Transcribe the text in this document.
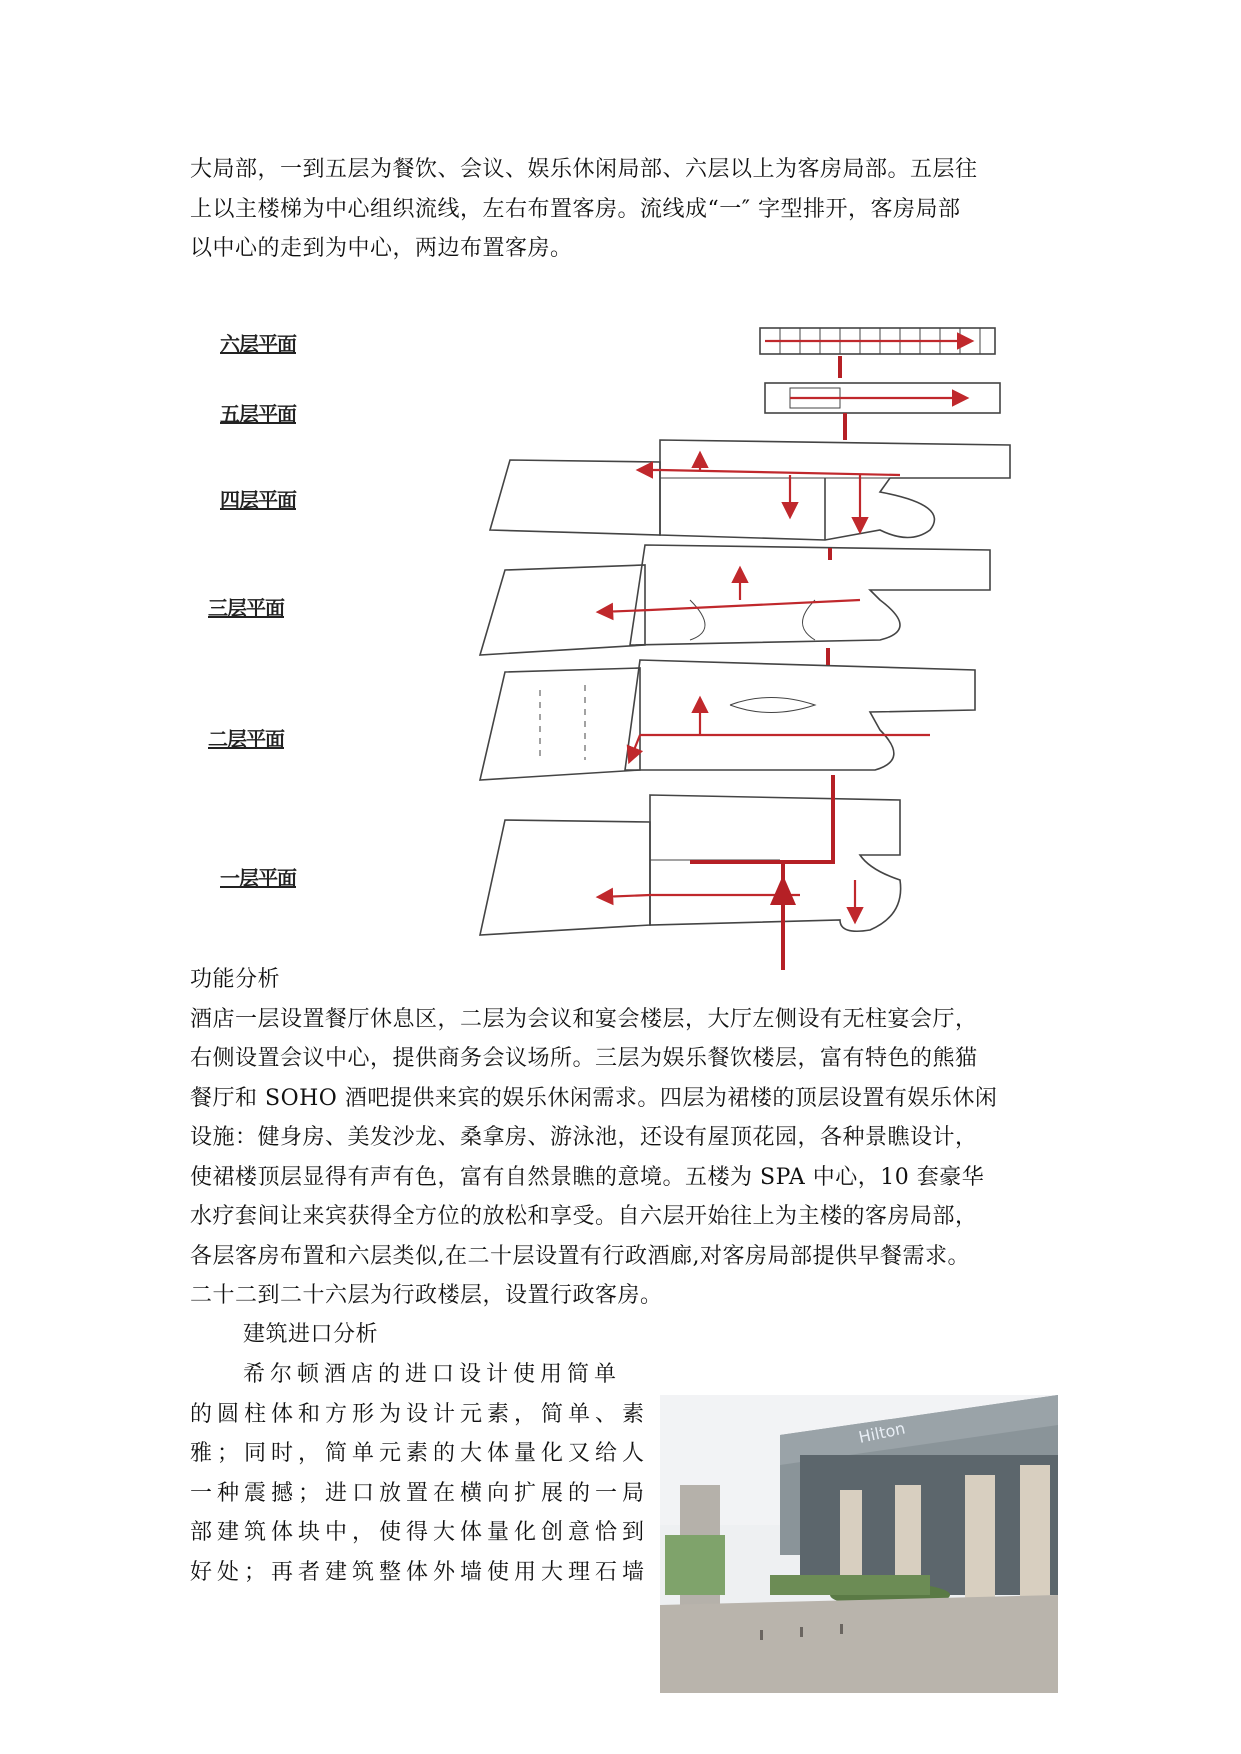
大局部，一到五层为餐饮、会议、娱乐休闲局部、六层以上为客房局部。五层往
上以主楼梯为中心组织流线，左右布置客房。流线成“一″ 字型排开，客房局部
以中心的走到为中心，两边布置客房。
六层平面
五层平面
四层平面
三层平面
二层平面
一层平面
功能分析
酒店一层设置餐厅休息区，二层为会议和宴会楼层，大厅左侧设有无柱宴会厅，
右侧设置会议中心，提供商务会议场所。三层为娱乐餐饮楼层，富有特色的熊猫
餐厅和 SOHO 酒吧提供来宾的娱乐休闲需求。四层为裙楼的顶层设置有娱乐休闲
设施：健身房、美发沙龙、桑拿房、游泳池，还设有屋顶花园，各种景瞧设计，
使裙楼顶层显得有声有色，富有自然景瞧的意境。五楼为 SPA 中心，10 套豪华
水疗套间让来宾获得全方位的放松和享受。自六层开始往上为主楼的客房局部，
各层客房布置和六层类似,在二十层设置有行政酒廊,对客房局部提供早餐需求。
二十二到二十六层为行政楼层，设置行政客房。
建筑进口分析
希尔顿酒店的进口设计使用简单
的圆柱体和方形为设计元素，简单、素
雅；同时，简单元素的大体量化又给人
一种震撼；进口放置在横向扩展的一局
部建筑体块中，使得大体量化创意恰到
好处；再者建筑整体外墙使用大理石墙
Hilton
